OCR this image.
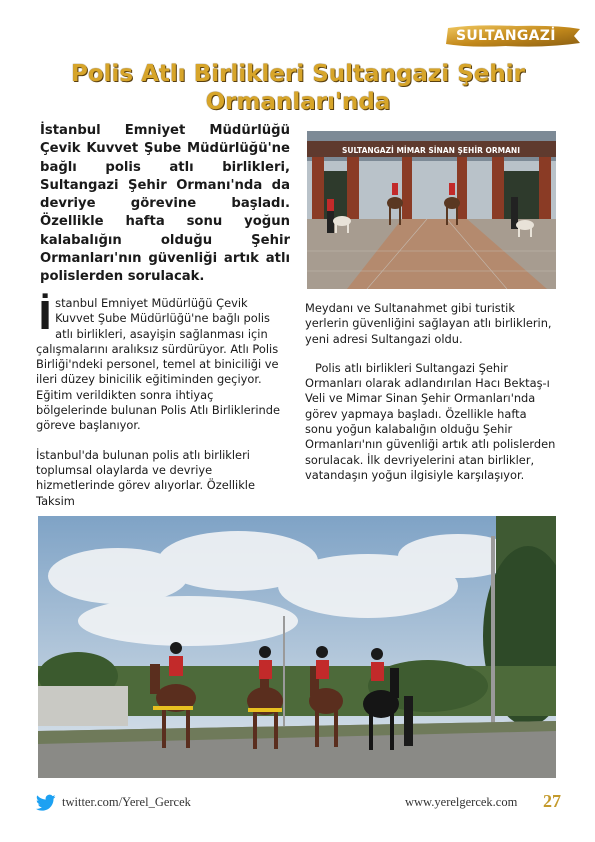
SULTANGAZİ
Polis Atlı Birlikleri Sultangazi Şehir Ormanları'nda
İstanbul Emniyet Müdürlüğü Çevik Kuvvet Şube Müdürlüğü'ne bağlı polis atlı birlikleri, Sultangazi Şehir Ormanı'nda da devriye görevine başladı. Özellikle hafta sonu yoğun kalabalığın olduğu Şehir Ormanları'nın güvenliği artık atlı polislerden sorulacak.
SULTANGAZİ MİMAR SİNAN ŞEHİR ORMANI

İstanbul Emniyet Müdürlüğü Çevik Kuvvet Şube Müdürlüğü'ne bağlı polis atlı birlikleri, asayişin sağlanması için çalışmalarını aralıksız sürdürüyor. Atlı Polis Birliği'ndeki personel, temel at biniciliği ve ileri düzey binicilik eğitiminden geçiyor. Eğitim verildikten sonra ihtiyaç bölgelerinde bulunan Polis Atlı Birliklerinde göreve başlanıyor.

İstanbul'da bulunan polis atlı birlikleri toplumsal olaylarda ve devriye hizmetlerinde görev alıyorlar. Özellikle Taksim

Meydanı ve Sultanahmet gibi turistik yerlerin güvenliğini sağlayan atlı birliklerin, yeni adresi Sultangazi oldu.

Polis atlı birlikleri Sultangazi Şehir Ormanları olarak adlandırılan Hacı Bektaş-ı Veli ve Mimar Sinan Şehir Ormanları'nda görev yapmaya başladı. Özellikle hafta sonu yoğun kalabalığın olduğu Şehir Ormanları'nın güvenliği artık atlı polislerden sorulacak. İlk devriyelerini atan birlikler, vatandaşın yoğun ilgisiyle karşılaşıyor.

twitter.com/Yerel_Gercek	www.yerelgercek.com 27
